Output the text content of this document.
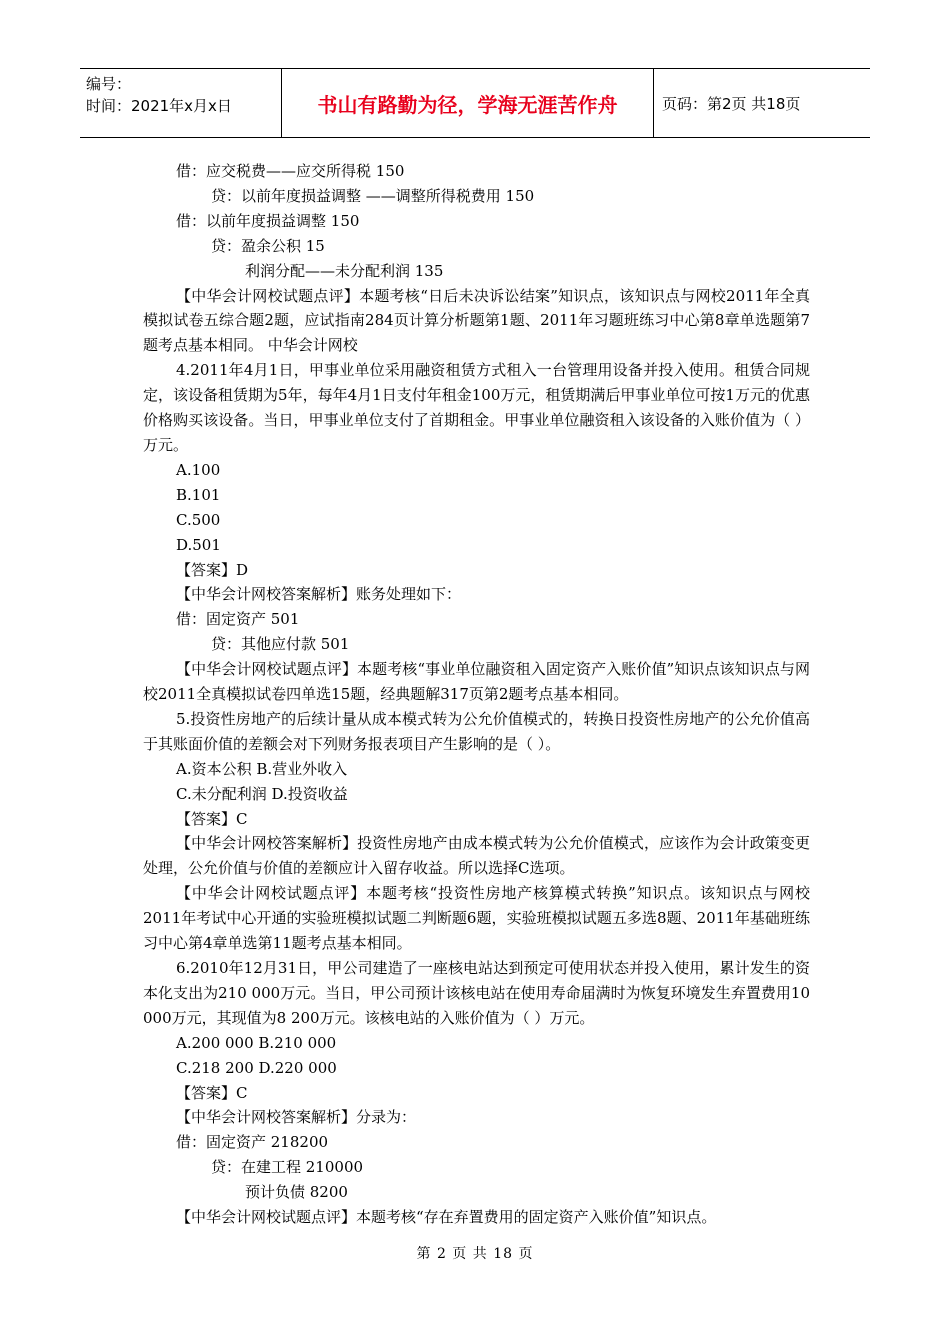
编号：
时间：2021年x月x日	书山有路勤为径，学海无涯苦作舟	页码：第2页 共18页

借：应交税费——应交所得税 150

贷：以前年度损益调整 ——调整所得税费用 150

借：以前年度损益调整 150

贷：盈余公积 15

利润分配——未分配利润 135

【中华会计网校试题点评】本题考核“日后未决诉讼结案”知识点，该知识点与网校2011年全真模拟试卷五综合题2题，应试指南284页计算分析题第1题、2011年习题班练习中心第8章单选题第7题考点基本相同。 中华会计网校

4.2011年4月1日，甲事业单位采用融资租赁方式租入一台管理用设备并投入使用。租赁合同规定，该设备租赁期为5年，每年4月1日支付年租金100万元，租赁期满后甲事业单位可按1万元的优惠价格购买该设备。当日，甲事业单位支付了首期租金。甲事业单位融资租入该设备的入账价值为（ ）万元。

A.100

B.101

C.500

D.501

【答案】D

【中华会计网校答案解析】账务处理如下：

借：固定资产 501

贷：其他应付款 501

【中华会计网校试题点评】本题考核“事业单位融资租入固定资产入账价值”知识点该知识点与网校2011全真模拟试卷四单选15题，经典题解317页第2题考点基本相同。

5.投资性房地产的后续计量从成本模式转为公允价值模式的，转换日投资性房地产的公允价值高于其账面价值的差额会对下列财务报表项目产生影响的是（ ）。

A.资本公积 B.营业外收入

C.未分配利润 D.投资收益

【答案】C

【中华会计网校答案解析】投资性房地产由成本模式转为公允价值模式，应该作为会计政策变更处理，公允价值与价值的差额应计入留存收益。所以选择C选项。

【中华会计网校试题点评】本题考核“投资性房地产核算模式转换”知识点。该知识点与网校2011年考试中心开通的实验班模拟试题二判断题6题，实验班模拟试题五多选8题、2011年基础班练习中心第4章单选第11题考点基本相同。

6.2010年12月31日，甲公司建造了一座核电站达到预定可使用状态并投入使用，累计发生的资本化支出为210 000万元。当日，甲公司预计该核电站在使用寿命届满时为恢复环境发生弃置费用10 000万元，其现值为8 200万元。该核电站的入账价值为（ ）万元。

A.200 000 B.210 000

C.218 200 D.220 000

【答案】C

【中华会计网校答案解析】分录为：

借：固定资产 218200

贷：在建工程 210000

预计负债 8200

【中华会计网校试题点评】本题考核“存在弃置费用的固定资产入账价值”知识点。

第 2 页 共 18 页
